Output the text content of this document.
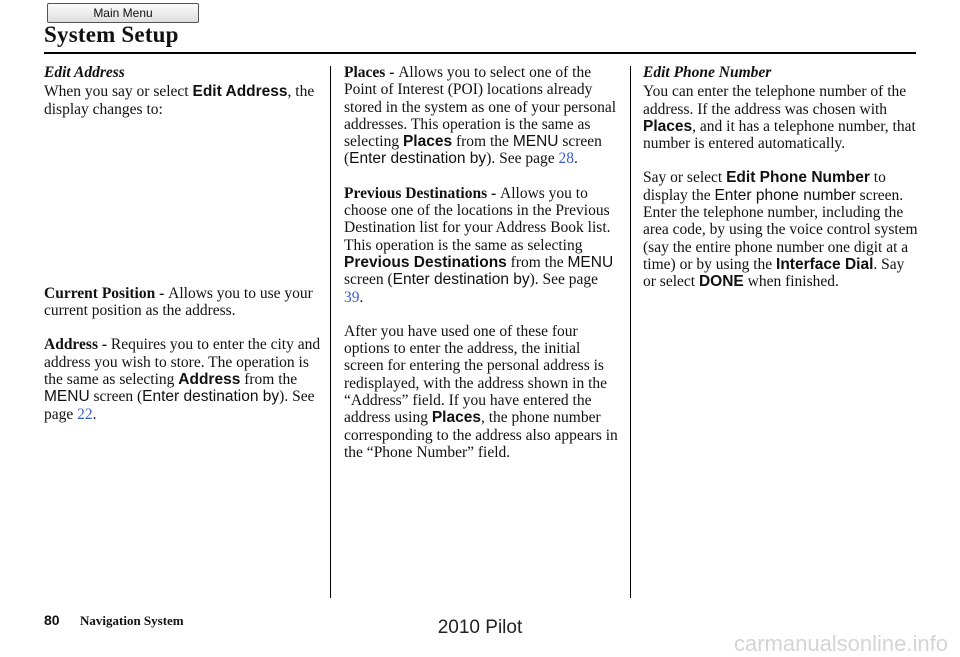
Main Menu
System Setup

Edit Address

When you say or select Edit Address, the display changes to:

Current Position - Allows you to use your current position as the address.

Address - Requires you to enter the city and address you wish to store. The operation is the same as selecting Address from the MENU screen (Enter destination by). See page 22.

Places - Allows you to select one of the Point of Interest (POI) locations already stored in the system as one of your personal addresses. This operation is the same as selecting Places from the MENU screen (Enter destination by). See page 28.

Previous Destinations - Allows you to choose one of the locations in the Previous Destination list for your Address Book list. This operation is the same as selecting Previous Destinations from the MENU screen (Enter destination by). See page 39.

After you have used one of these four options to enter the address, the initial screen for entering the personal address is redisplayed, with the address shown in the “Address” field. If you have entered the address using Places, the phone number corresponding to the address also appears in the “Phone Number” field.

Edit Phone Number

You can enter the telephone number of the address. If the address was chosen with Places, and it has a telephone number, that number is entered automatically.

Say or select Edit Phone Number to display the Enter phone number screen. Enter the telephone number, including the area code, by using the voice control system (say the entire phone number one digit at a time) or by using the Interface Dial. Say or select DONE when finished.

80 Navigation System	2010 Pilot
carmanualsonline.info
